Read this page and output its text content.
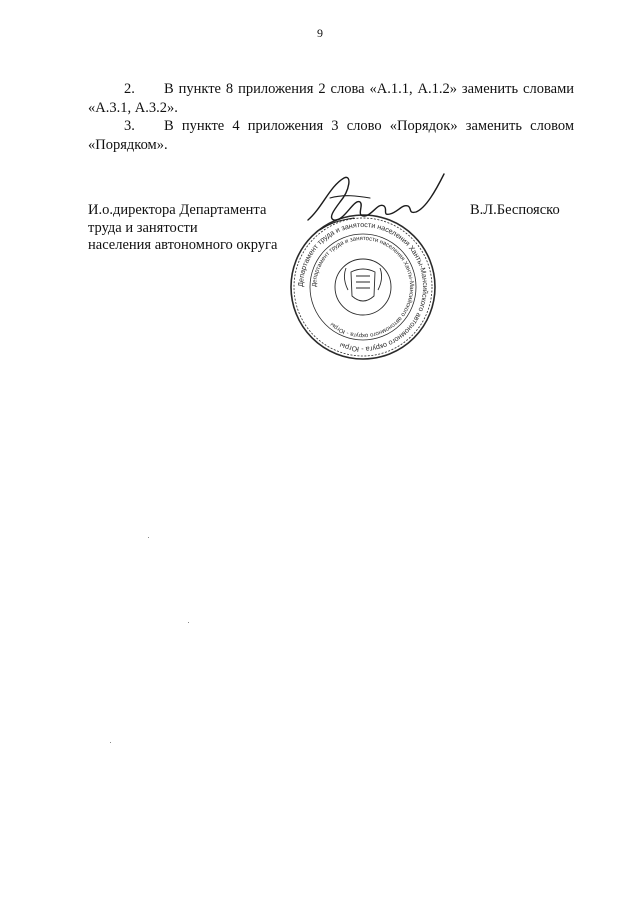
9

2. В пункте 8 приложения 2 слова «А.1.1, А.1.2» заменить словами «А.3.1, А.3.2».

3. В пункте 4 приложения 3 слово «Порядок» заменить словом «Порядком».

И.о.директора Департамента
труда и занятости
населения автономного округа
В.Л.Беспояско
Департамент труда и занятости населения Ханты-Мансийского автономного округа - Югры
Департамент труда и занятости населения Ханты-Мансийского автономного округа - Югры
